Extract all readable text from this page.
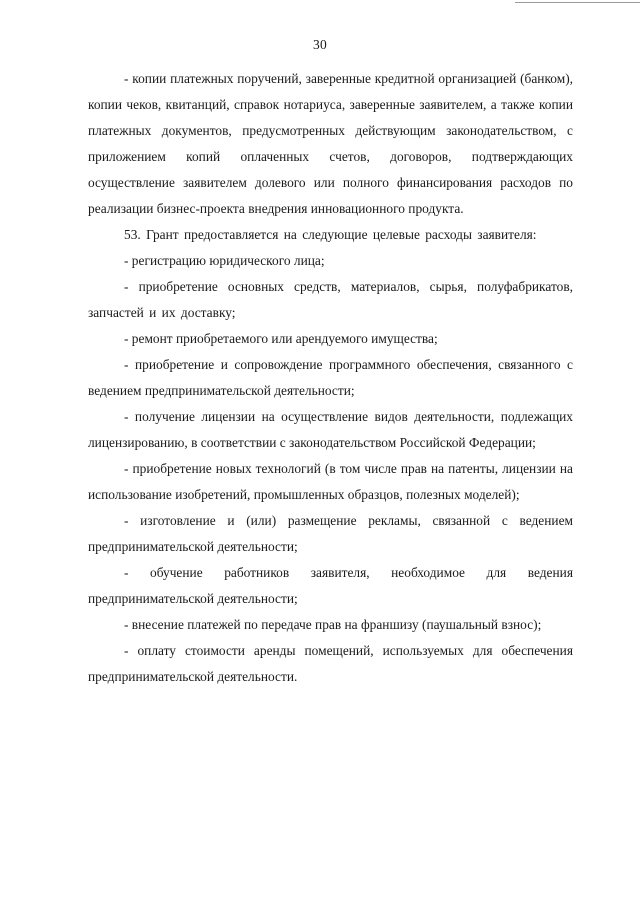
30

- копии платежных поручений, заверенные кредитной организацией (банком), копии чеков, квитанций, справок нотариуса, заверенные заявителем, а также копии платежных документов, предусмотренных действующим законодательством, с приложением копий оплаченных счетов, договоров, подтверждающих осуществление заявителем долевого или полного финансирования расходов по реализации бизнес-проекта внедрения инновационного продукта.

53. Грант предоставляется на следующие целевые расходы заявителя:

- регистрацию юридического лица;

- приобретение основных средств, материалов, сырья, полуфабрикатов, запчастей и их доставку;

- ремонт приобретаемого или арендуемого имущества;

- приобретение и сопровождение программного обеспечения, связанного с ведением предпринимательской деятельности;

- получение лицензии на осуществление видов деятельности, подлежащих лицензированию, в соответствии с законодательством Российской Федерации;

- приобретение новых технологий (в том числе прав на патенты, лицензии на использование изобретений, промышленных образцов, полезных моделей);

- изготовление и (или) размещение рекламы, связанной с ведением предпринимательской деятельности;

- обучение работников заявителя, необходимое для ведения предпринимательской деятельности;

- внесение платежей по передаче прав на франшизу (паушальный взнос);

- оплату стоимости аренды помещений, используемых для обеспечения предпринимательской деятельности.
